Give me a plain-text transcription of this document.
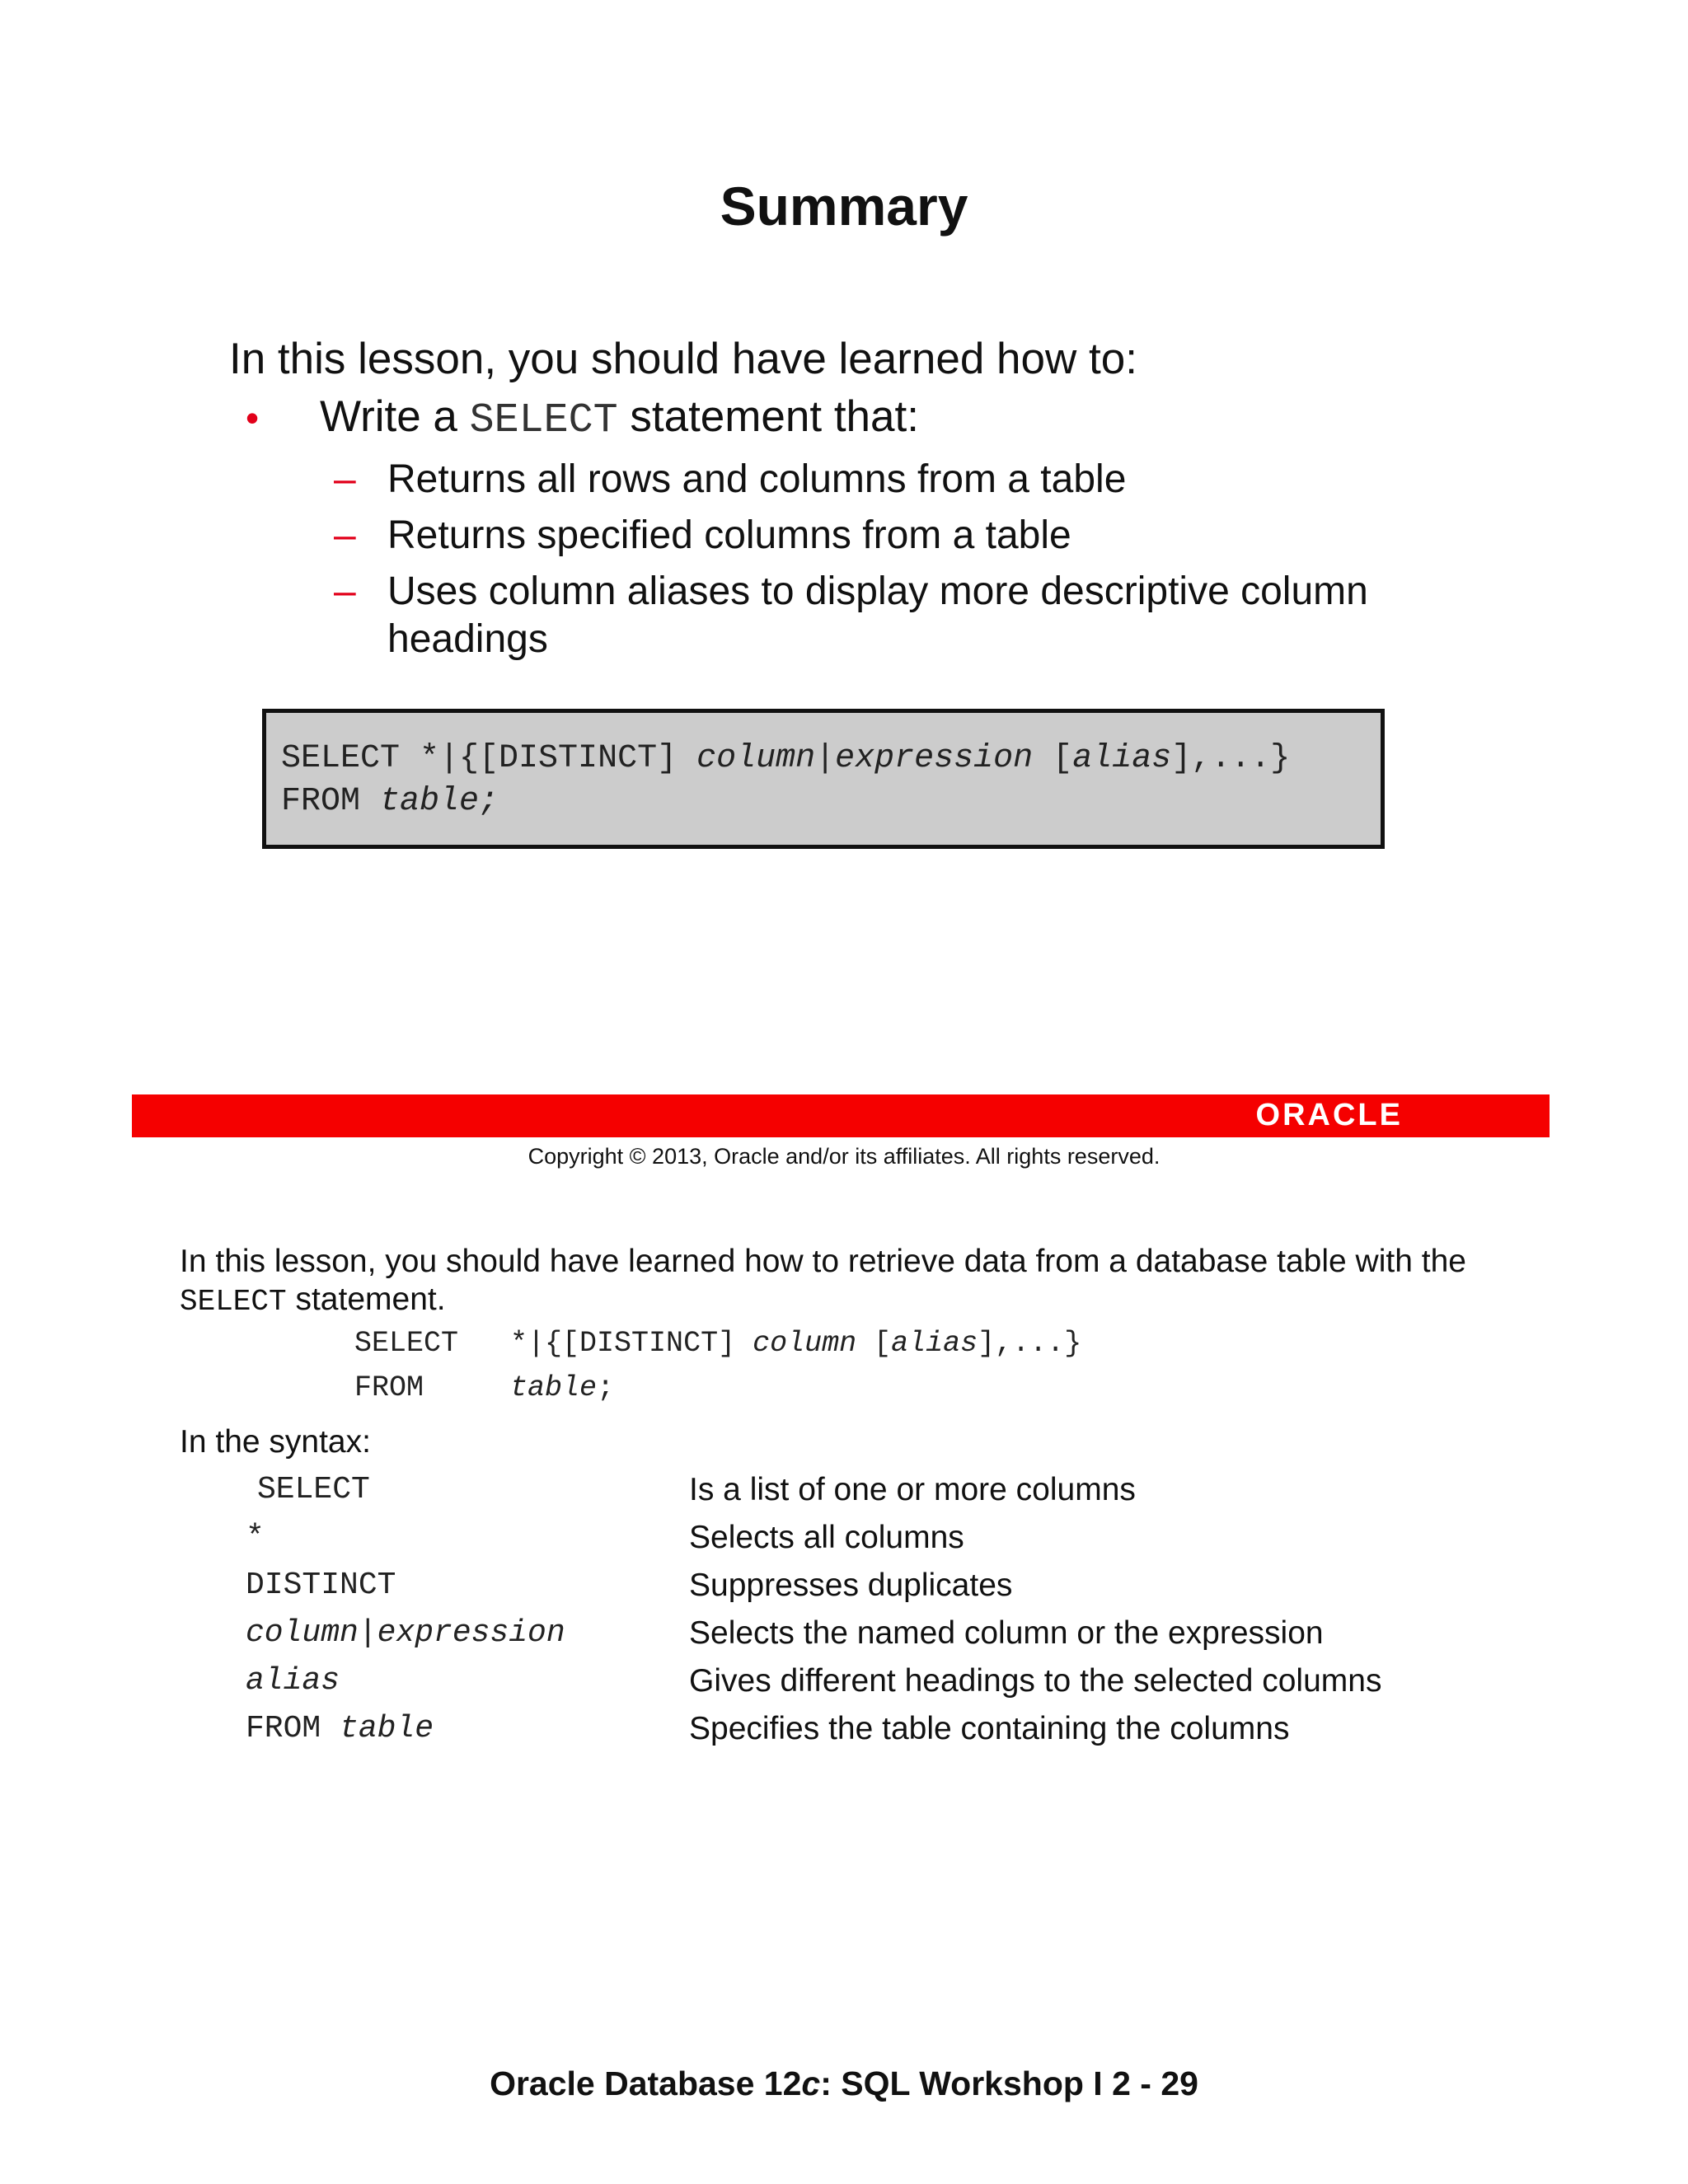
Summary
In this lesson, you should have learned how to:
•	Write a SELECT statement that:
– Returns all rows and columns from a table
– Returns specified columns from a table
– Uses column aliases to display more descriptive column headings
SELECT *|{[DISTINCT] column|expression [alias],...}
FROM table;
ORACLE
Copyright © 2013, Oracle and/or its affiliates. All rights reserved.
In this lesson, you should have learned how to retrieve data from a database table with the
SELECT statement.
SELECT   *|{[DISTINCT] column [alias],...}
FROM     table;
In the syntax:
SELECT	Is a list of one or more columns
*	Selects all columns
DISTINCT	Suppresses duplicates
column|expression	Selects the named column or the expression
alias	Gives different headings to the selected columns
FROM table	Specifies the table containing the columns
Oracle Database 12c: SQL Workshop I 2 - 29
